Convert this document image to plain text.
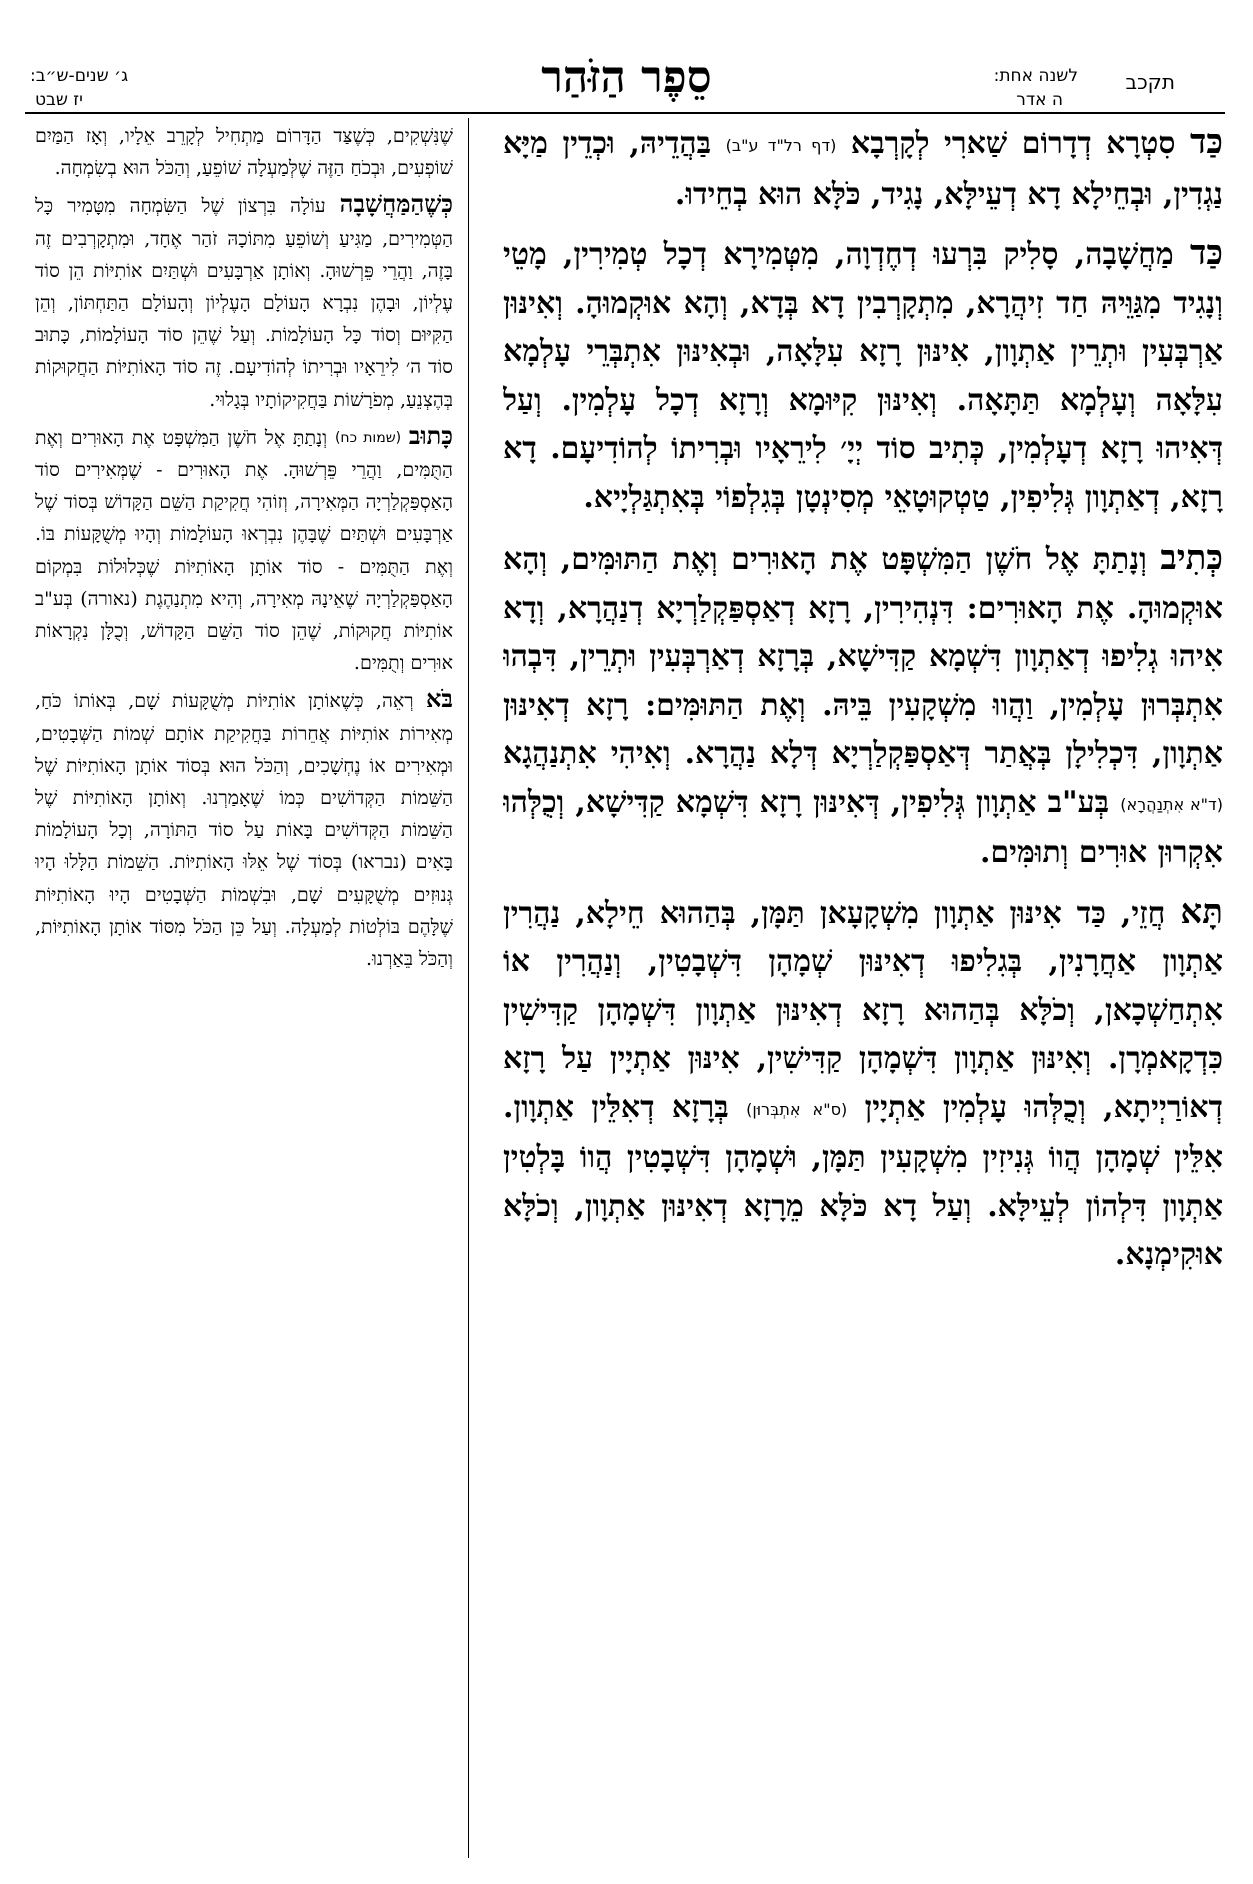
תקכב
לשנה אחת:
ה אדר
סֵפֶר הַזֹּהַר
ג׳ שנים-ש״ב:
יז שבט

כַּד סִטְרָא דְדָרוֹם שַׁארִי לְקָרְבָא (דף רל"ד ע"ב) בַּהֲדֵיהּ, וּכְדֵין מַיָּא נַגְדִין, וּבְחֵילָא דָא דְעֵילָּא, נָגִיד, כֹּלָּא הוּא בְחֵידוּ.

כַּד מַחֲשָׁבָה, סָלִיק בִּרְעוּ דְחֶדְוָה, מִטְּמִירָא דְכָל טְמִירִין, מָטֵי וְנָגִיד מִגַּוֵּיהּ חַד זִיהֲרָא, מִתְקָרְבִין דָא בְּדָא, וְהָא אוּקְמוּהָ. וְאִינּוּן אַרְבְּעִין וּתְרֵין אַתְוָון, אִינּוּן רָזָא עִלָּאָה, וּבְאִינּוּן אִתְבְּרֵי עָלְמָא עִלָּאָה וְעָלְמָא תַּתָּאָה. וְאִינּוּן קִיּוּמָא וְרָזָא דְכָל עָלְמִין. וְעַל דְּאִיהוּ רָזָא דְעָלְמִין, כְּתִיב סוֹד יְיָ׳ לִירֵאָיו וּבְרִיתוֹ לְהוֹדִיעָם. דָא רָזָא, דְאַתְוָון גְּלִיפִין, טַטְקוּטָאֵי מְסִינְטָן בְּגִלְפוֹי בְּאִתְגַּלְיָיא.

כְּתִיב וְנָתַתָּ אֶל חֹשֶׁן הַמִּשְׁפָּט אֶת הָאוּרִים וְאֶת הַתּוּמִּים, וְהָא אוּקְמוּהָ. אֶת הָאוּרִים: דִּנְהִירִין, רָזָא דְאַסְפַּקְלַרְיָא דְנַהֲרָא, וְדָא אִיהוּ גְלִיפוּ דְאַתְוָון דִּשְׁמָא קַדִּישָׁא, בְּרָזָא דְאַרְבְּעִין וּתְרֵין, דִּבְהוּ אִתְבְּרוּן עָלְמִין, וַהֲווּ מִשְׁקָעִין בֵּיהּ. וְאֶת הַתּוּמִּים: רָזָא דְאִינּוּן אַתְוָון, דִּכְלִילָן בְּאֲתַר דְּאַסְפַּקְלַרְיָא דְּלָא נַהֲרָא. וְאִיהִי אִתְנַהֲגָא (ד"א אִתְנַהֲרָא) בְּע"ב אַתְוָון גְּלִיפִין, דְּאִינּוּן רָזָא דִּשְׁמָא קַדִּישָׁא, וְכֻלְּהוּ אִקְרוּן אוּרִים וְתוּמִּים.

תָּא חֲזֵי, כַּד אִינּוּן אַתְוָון מִשְׁקָעָאן תַּמָּן, בְּהַהוּא חֵילָא, נַהֲרִין אַתְוָון אַחֲרָנִין, בְּגִלִיפוּ דְאִינּוּן שְׁמָהָן דִּשְׁבָטִין, וְנַהֲרִין אוֹ אִתְחַשְׁכָאן, וְכֹלָּא בְּהַהוּא רָזָא דְאִינּוּן אַתְוָון דִּשְׁמָהָן קַדִּישִׁין כִּדְקָאמְרָן. וְאִינּוּן אַתְוָון דִּשְׁמָהָן קַדִּישִׁין, אִינּוּן אַתְיָין עַל רָזָא דְאוֹרַיְיתָא, וְכֻלְּהוּ עָלְמִין אַתְיָין (ס"א אִתְבְּרוּן) בְּרָזָא דְאִלֵּין אַתְוָון. אִלֵּין שְׁמָהָן הֲווֹ גְּנִיזִין מִשְׁקָעִין תַּמָּן, וּשְׁמָהָן דִּשְׁבָטִין הֲווֹ בָּלְטִין אַתְוָון דִּלְהוֹן לְעֵילָּא. וְעַל דָא כֹּלָּא מֵרָזָא דְאִינּוּן אַתְוָון, וְכֹלָּא אוּקִימְנָא.

שֶׁנִּשְׁקִים, כְּשֶׁצַּד הַדָּרוֹם מַתְחִיל לְקָרֵב אֵלָיו, וְאָז הַמַּיִם שׁוֹפְעִים, וּבְכֹחַ הַזֶּה שֶׁלְּמַעְלָה שׁוֹפֵעַ, וְהַכֹּל הוּא בְשִׂמְחָה.

כְּשֶׁהַמַּחֲשָׁבָה עוֹלָה בִּרְצוֹן שֶׁל הַשִּׂמְחָה מִטָּמִיר כָּל הַטְּמִירִים, מַגִּיעַ וְשׁוֹפֵעַ מִתּוֹכָהּ זֹהַר אֶחָד, וּמִתְקָרְבִים זֶה בָּזֶה, וַהֲרֵי פֵּרְשׁוּהָ. וְאוֹתָן אַרְבָּעִים וּשְׁתַּיִם אוֹתִיּוֹת הֵן סוֹד עֶלְיוֹן, וּבָהֶן נִבְרָא הָעוֹלָם הָעֶלְיוֹן וְהָעוֹלָם הַתַּחְתּוֹן, וְהֵן הַקִּיּוּם וְסוֹד כָּל הָעוֹלָמוֹת. וְעַל שֶׁהֵן סוֹד הָעוֹלָמוֹת, כָּתוּב סוֹד ה׳ לִירֵאָיו וּבְרִיתוֹ לְהוֹדִיעָם. זֶה סוֹד הָאוֹתִיּוֹת הַחֲקוּקוֹת בְּהֶצְנֵעַ, מְפֹרָשׁוֹת בַּחֲקִיקוֹתָיו בְּגָלוּי.

כָּתוּב (שמות כח) וְנָתַתָּ אֶל חֹשֶׁן הַמִּשְׁפָּט אֶת הָאוּרִים וְאֶת הַתֻּמִּים, וַהֲרֵי פֵּרְשׁוּהָ. אֶת הָאוּרִים - שֶׁמְּאִירִים סוֹד הָאַסְפַּקְלַרְיָה הַמְּאִירָה, וְזוֹהִי חֲקִיקַת הַשֵּׁם הַקָּדוֹשׁ בְּסוֹד שֶׁל אַרְבָּעִים וּשְׁתַּיִם שֶׁבָּהֶן נִבְרְאוּ הָעוֹלָמוֹת וְהָיוּ מְשֻׁקָּעוֹת בּוֹ. וְאֶת הַתֻּמִּים - סוֹד אוֹתָן הָאוֹתִיּוֹת שֶׁכְּלוּלוֹת בִּמְקוֹם הָאַסְפַּקְלַרְיָה שֶׁאֵינָהּ מְאִירָה, וְהִיא מִתְנַהֶגֶת (נאורה) בְּע"ב אוֹתִיּוֹת חֲקוּקוֹת, שֶׁהֵן סוֹד הַשֵּׁם הַקָּדוֹשׁ, וְכֻלָּן נִקְרָאוֹת אוּרִים וְתֻמִּים.

בֹּא רְאֵה, כְּשֶׁאוֹתָן אוֹתִיּוֹת מְשֻׁקָּעוֹת שָׁם, בְּאוֹתוֹ כֹּחַ, מְאִירוֹת אוֹתִיּוֹת אֲחֵרוֹת בַּחֲקִיקַת אוֹתָם שְׁמוֹת הַשְּׁבָטִים, וּמְאִירִים אוֹ נֶחְשָׁכִים, וְהַכֹּל הוּא בְּסוֹד אוֹתָן הָאוֹתִיּוֹת שֶׁל הַשֵּׁמוֹת הַקְּדוֹשִׁים כְּמוֹ שֶׁאָמַרְנוּ. וְאוֹתָן הָאוֹתִיּוֹת שֶׁל הַשֵּׁמוֹת הַקְּדוֹשִׁים בָּאוֹת עַל סוֹד הַתּוֹרָה, וְכָל הָעוֹלָמוֹת בָּאִים (נבראו) בְּסוֹד שֶׁל אֵלּוּ הָאוֹתִיּוֹת. הַשֵּׁמוֹת הַלָּלוּ הָיוּ גְּנוּזִים מְשֻׁקָּעִים שָׁם, וּבִשְׁמוֹת הַשְּׁבָטִים הָיוּ הָאוֹתִיּוֹת שֶׁלָּהֶם בּוֹלְטוֹת לְמַעְלָה. וְעַל כֵּן הַכֹּל מִסּוֹד אוֹתָן הָאוֹתִיּוֹת, וְהַכֹּל בֵּאַרְנוּ.
